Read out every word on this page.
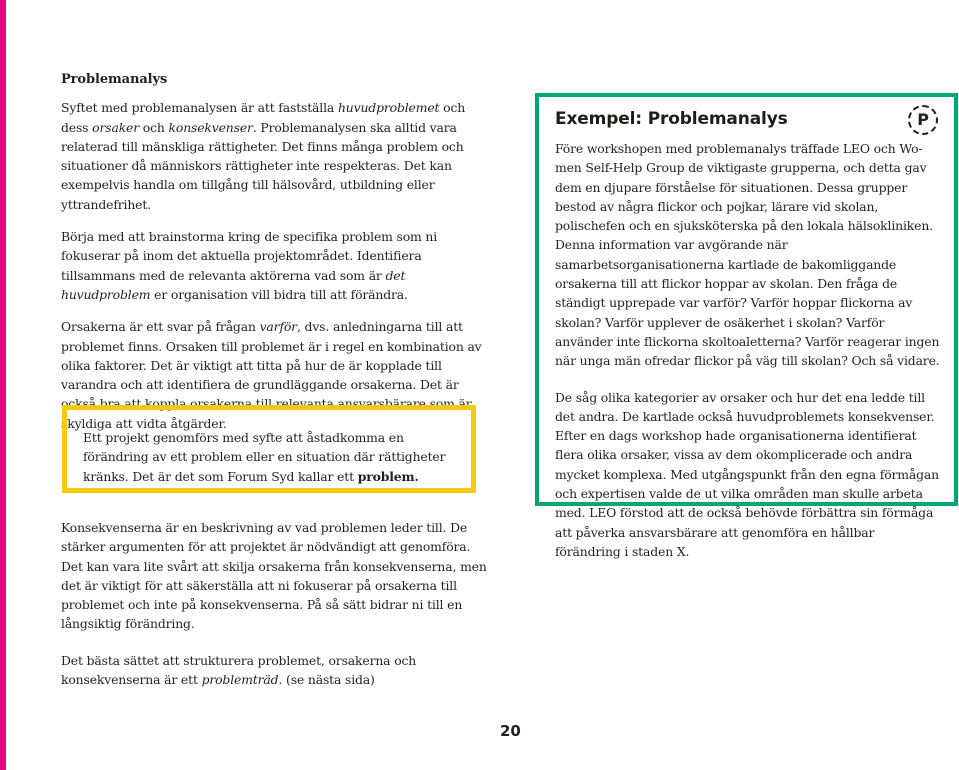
Problemanalys

Syftet med problemanalysen är att fastställa huvudproblemet och dess orsaker och konsekvenser. Problemanalysen ska alltid vara relaterad till mänskliga rättigheter. Det finns många problem och situationer då människors rättigheter inte respekteras. Det kan exempelvis handla om tillgång till hälsovård, utbildning eller yttrandefrihet.

Börja med att brainstorma kring de specifika problem som ni fokuserar på inom det aktuella projektområdet. Identifiera tillsammans med de relevanta aktörerna vad som är det huvudproblem er organisation vill bidra till att förändra.

Orsakerna är ett svar på frågan varför, dvs. anledningarna till att problemet finns. Orsaken till problemet är i regel en kombination av olika faktorer. Det är viktigt att titta på hur de är kopplade till varandra och att identifiera de grundläggande orsakerna. Det är också bra att koppla orsakerna till relevanta ansvarsbärare som är skyldiga att vidta åtgärder.

Ett projekt genomförs med syfte att åstadkomma en förändring av ett problem eller en situation där rättigheter kränks. Det är det som Forum Syd kallar ett problem.

Exempel: Problemanalys	P

Före workshopen med problemanalys träffade LEO och Women Self-Help Group de viktigaste grupperna, och detta gav dem en djupare förståelse för situationen. Dessa grupper bestod av några flickor och pojkar, lärare vid skolan, polischefen och en sjuksköterska på den lokala hälsokliniken. Denna information var avgörande när samarbetsorganisationerna kartlade de bakomliggande orsakerna till att flickor hoppar av skolan. Den fråga de ständigt upprepade var varför? Varför hoppar flickorna av skolan? Varför upplever de osäkerhet i skolan? Varför använder inte flickorna skoltoaletterna? Varför reagerar ingen när unga män ofredar flickor på väg till skolan? Och så vidare.

De såg olika kategorier av orsaker och hur det ena ledde till det andra. De kartlade också huvudproblemets konsekvenser. Efter en dags workshop hade organisationerna identifierat flera olika orsaker, vissa av dem okomplicerade och andra mycket komplexa. Med utgångspunkt från den egna förmågan och expertisen valde de ut vilka områden man skulle arbeta med. LEO förstod att de också behövde förbättra sin förmåga att påverka ansvarsbärare att genomföra en hållbar förändring i staden X.

Konsekvenserna är en beskrivning av vad problemen leder till. De stärker argumenten för att projektet är nödvändigt att genomföra. Det kan vara lite svårt att skilja orsakerna från konsekvenserna, men det är viktigt för att säkerställa att ni fokuserar på orsakerna till problemet och inte på konsekvenserna. På så sätt bidrar ni till en långsiktig förändring.

Det bästa sättet att strukturera problemet, orsakerna och konsekvenserna är ett problemträd. (se nästa sida)

20
